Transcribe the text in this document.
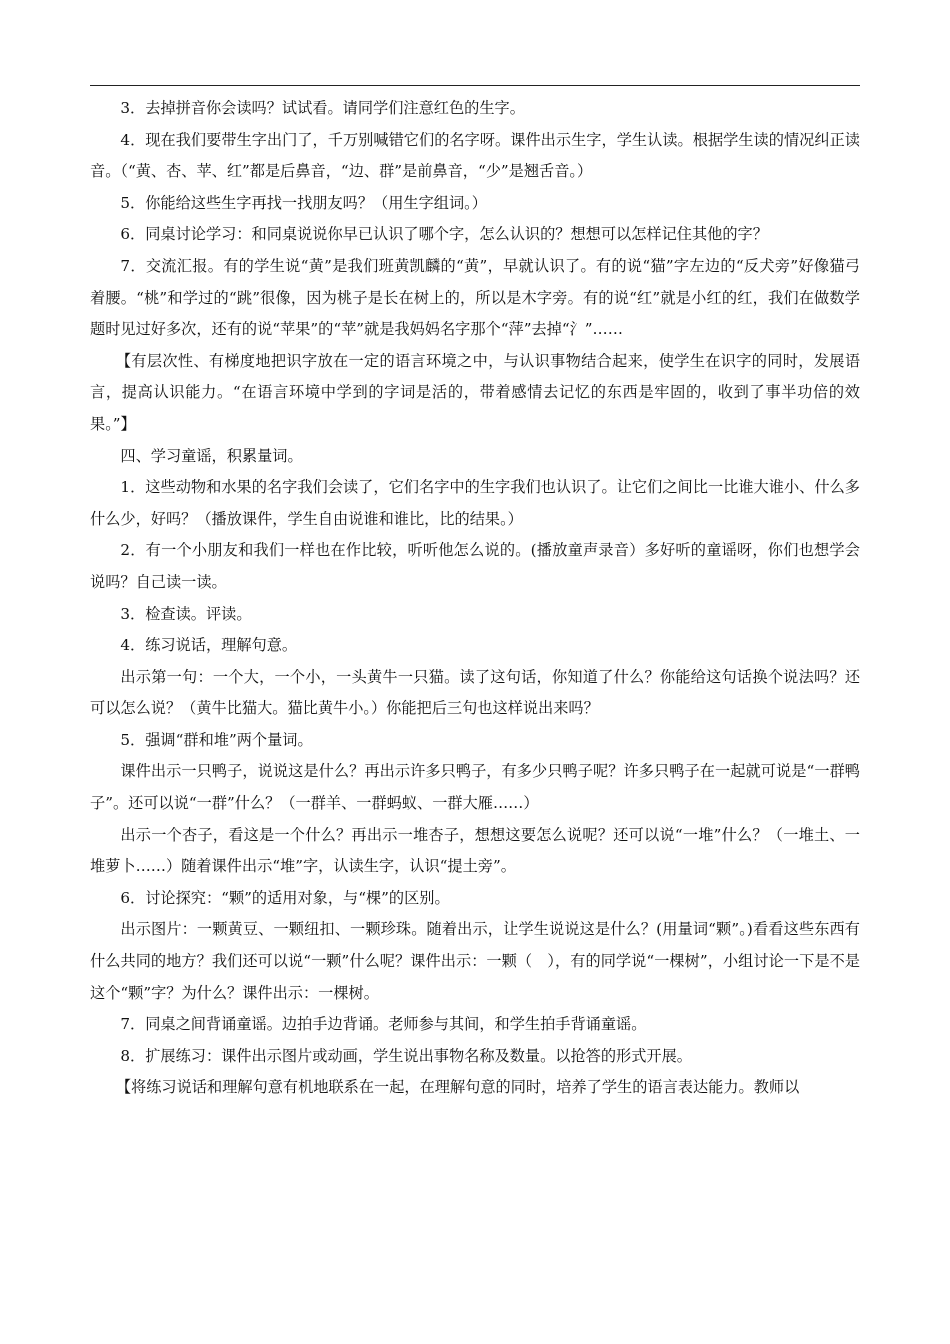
3．去掉拼音你会读吗？试试看。请同学们注意红色的生字。

4．现在我们要带生字出门了，千万别喊错它们的名字呀。课件出示生字，学生认读。根据学生读的情况纠正读音。（“黄、杏、苹、红”都是后鼻音，“边、群”是前鼻音，“少”是翘舌音。）

5．你能给这些生字再找一找朋友吗？（用生字组词。）

6．同桌讨论学习：和同桌说说你早已认识了哪个字，怎么认识的？想想可以怎样记住其他的字？

7．交流汇报。有的学生说“黄”是我们班黄凯麟的“黄”，早就认识了。有的说“猫”字左边的“反犬旁”好像猫弓着腰。“桃”和学过的“跳”很像，因为桃子是长在树上的，所以是木字旁。有的说“红”就是小红的红，我们在做数学题时见过好多次，还有的说“苹果”的“苹”就是我妈妈名字那个“萍”去掉“氵”……

【有层次性、有梯度地把识字放在一定的语言环境之中，与认识事物结合起来，使学生在识字的同时，发展语言，提高认识能力。“在语言环境中学到的字词是活的，带着感情去记忆的东西是牢固的，收到了事半功倍的效果。”】

四、学习童谣，积累量词。

1．这些动物和水果的名字我们会读了，它们名字中的生字我们也认识了。让它们之间比一比谁大谁小、什么多什么少，好吗？（播放课件，学生自由说谁和谁比，比的结果。）

2．有一个小朋友和我们一样也在作比较，听听他怎么说的。(播放童声录音）多好听的童谣呀，你们也想学会说吗？自己读一读。

3．检查读。评读。

4．练习说话，理解句意。

出示第一句：一个大，一个小，一头黄牛一只猫。读了这句话，你知道了什么？你能给这句话换个说法吗？还可以怎么说？（黄牛比猫大。猫比黄牛小。）你能把后三句也这样说出来吗？

5．强调“群和堆”两个量词。

课件出示一只鸭子，说说这是什么？再出示许多只鸭子，有多少只鸭子呢？许多只鸭子在一起就可说是“一群鸭子”。还可以说“一群”什么？（一群羊、一群蚂蚁、一群大雁……）

出示一个杏子，看这是一个什么？再出示一堆杏子，想想这要怎么说呢？还可以说“一堆”什么？（一堆土、一堆萝卜……）随着课件出示“堆”字，认读生字，认识“提土旁”。

6．讨论探究：“颗”的适用对象，与“棵”的区别。

出示图片：一颗黄豆、一颗纽扣、一颗珍珠。随着出示，让学生说说这是什么？(用量词“颗”。)看看这些东西有什么共同的地方？我们还可以说“一颗”什么呢？课件出示：一颗（　），有的同学说“一棵树”，小组讨论一下是不是这个“颗”字？为什么？课件出示：一棵树。

7．同桌之间背诵童谣。边拍手边背诵。老师参与其间，和学生拍手背诵童谣。

8．扩展练习：课件出示图片或动画，学生说出事物名称及数量。以抢答的形式开展。

【将练习说话和理解句意有机地联系在一起，在理解句意的同时，培养了学生的语言表达能力。教师以
